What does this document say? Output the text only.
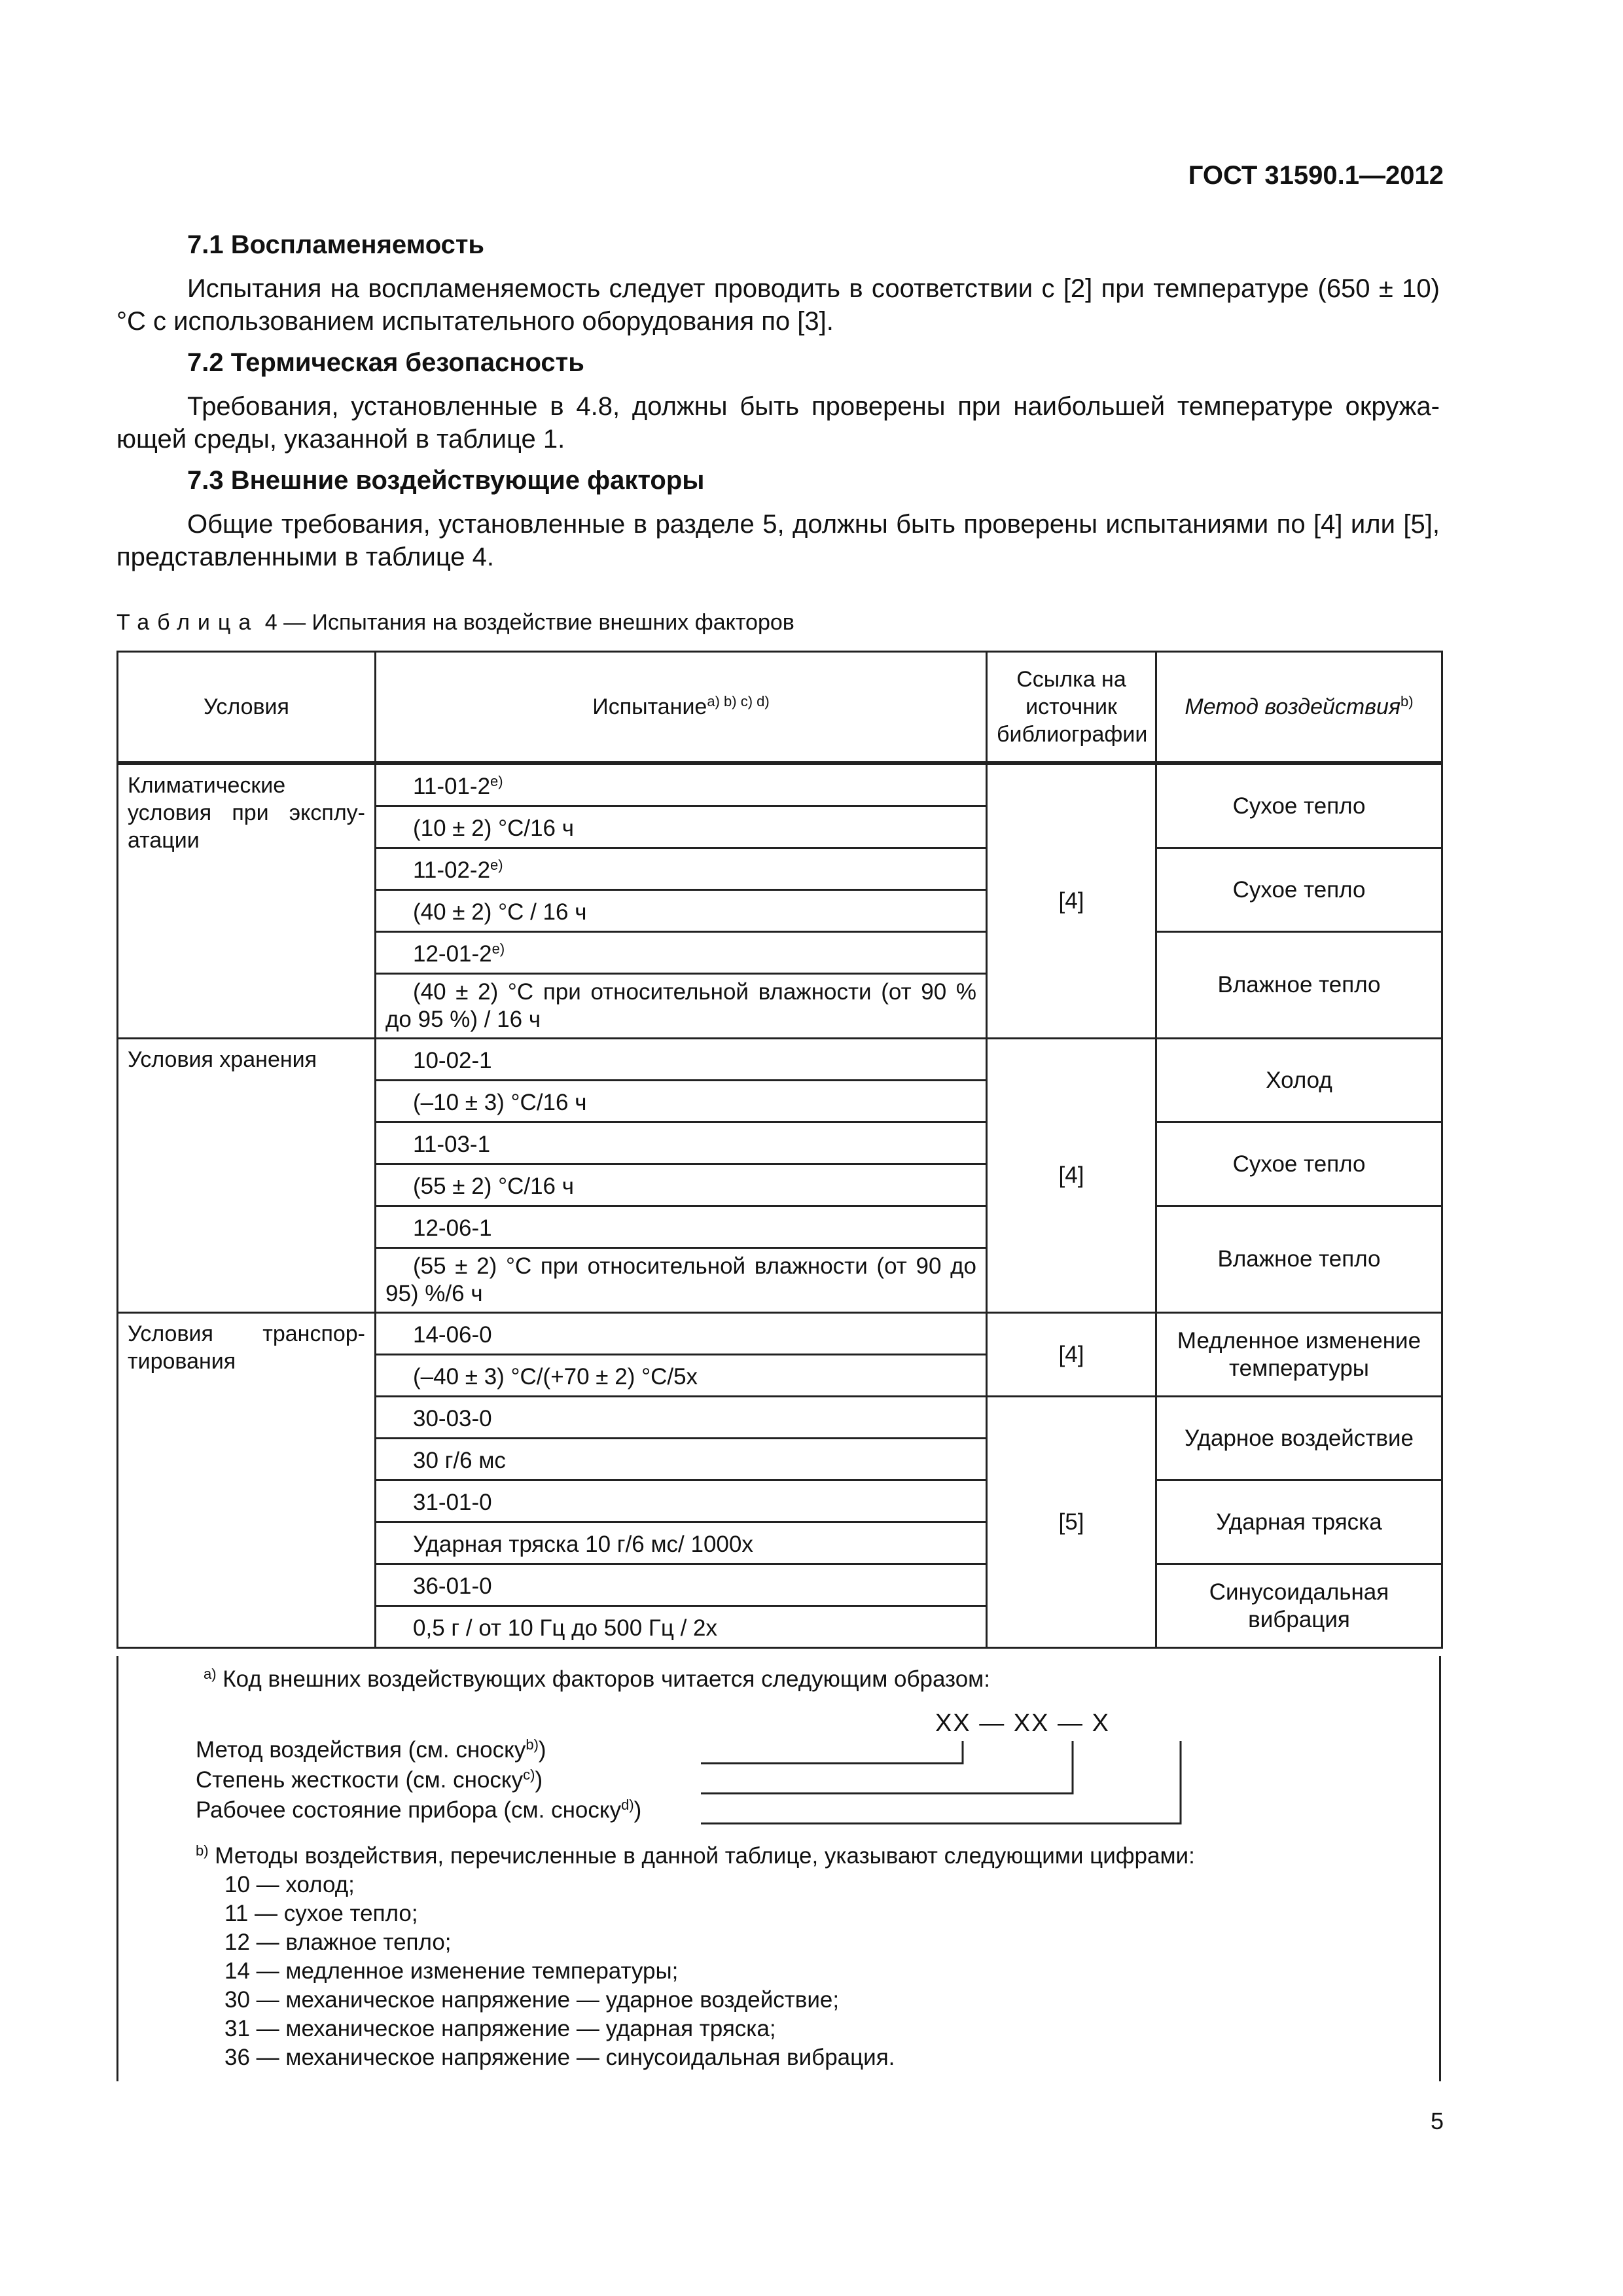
ГОСТ 31590.1—2012
7.1 Воспламеняемость
Испытания на воспламеняемость следует проводить в соответствии с [2] при температуре (650 ± 10) °С с использованием испытательного оборудования по [3].
7.2 Термическая безопасность
Требования, установленные в 4.8, должны быть проверены при наибольшей температуре окружа-ющей среды, указанной в таблице 1.
7.3 Внешние воздействующие факторы
Общие требования, установленные в разделе 5, должны быть проверены испытаниями по [4] или [5], представленными в таблице 4.
Таблица 4 — Испытания на воздействие внешних факторов
Условия	Испытание$^{a) b) c) d)}$	Ссылка на источник библиографии	Метод воздействия$^{b)}$
Климатические условия при эксплу-атации	11-01-2$^{e)}$	[4]	Сухое тепло
	(10 ± 2) °С/16 ч		
	11-02-2$^{e)}$		Сухое тепло
	(40 ± 2) °С / 16 ч		
	12-01-2$^{e)}$		Влажное тепло
	(40 ± 2) °С при относительной влажности (от 90 % до 95 %) / 16 ч		
Условия хранения	10-02-1	[4]	Холод
	(–10 ± 3) °С/16 ч		
	11-03-1		Сухое тепло
	(55 ± 2) °С/16 ч		
	12-06-1		Влажное тепло
	(55 ± 2) °С при относительной влажности (от 90 до 95) %/6 ч		
Условия транспор-тирования	14-06-0	[4]	Медленное изменение температуры
	(–40 ± 3) °С/(+70 ± 2) °С/5х		
	30-03-0	[5]	Ударное воздействие
	30 г/6 мс		
	31-01-0		Ударная тряска
	Ударная тряска 10 г/6 мс/ 1000х		
	36-01-0		Синусоидальная вибрация
	0,5 г / от 10 Гц до 500 Гц / 2х		
$^{a)}$ Код внешних воздействующих факторов читается следующим образом:
ХХ — ХХ — Х
Метод воздействия (см. сноску$^{b)}$)
Степень жесткости (см. сноску$^{c)}$)
Рабочее состояние прибора (см. сноску$^{d)}$)
$^{b)}$ Методы воздействия, перечисленные в данной таблице, указывают следующими цифрами:
10 — холод;
11 — сухое тепло;
12 — влажное тепло;
14 — медленное изменение температуры;
30 — механическое напряжение — ударное воздействие;
31 — механическое напряжение — ударная тряска;
36 — механическое напряжение — синусоидальная вибрация.
5
